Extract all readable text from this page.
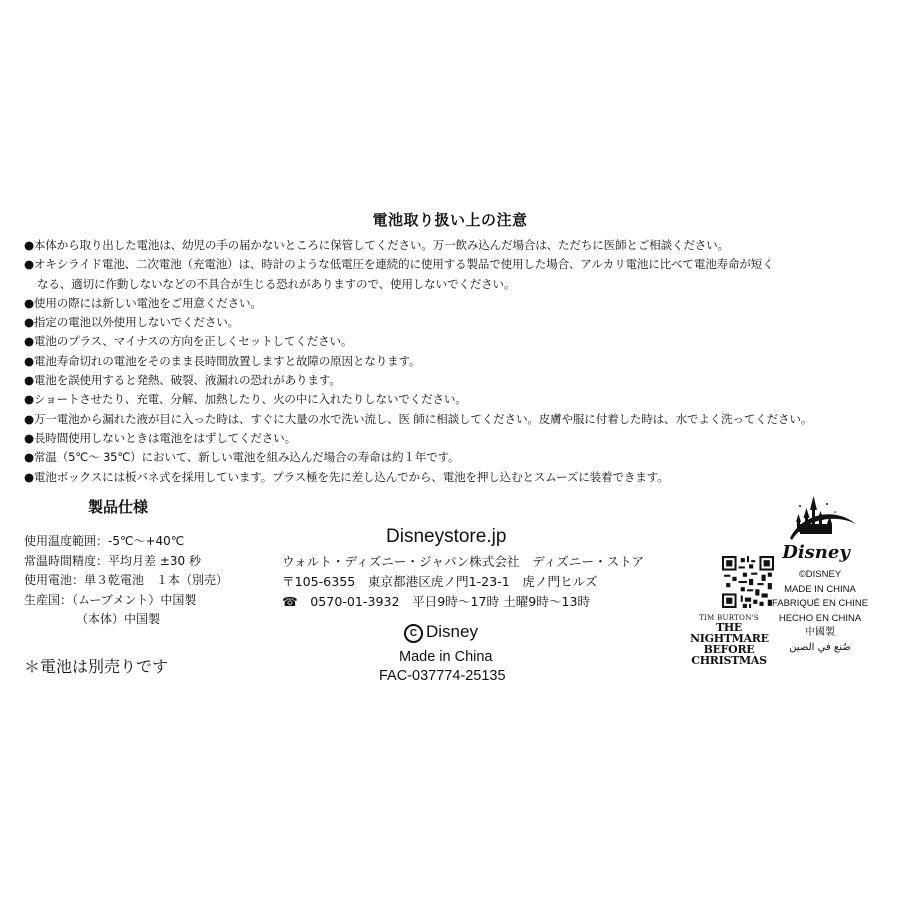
電池取り扱い上の注意
●本体から取り出した電池は、幼児の手の届かないところに保管してください。万一飲み込んだ場合は、ただちに医師とご相談ください。
●オキシライド電池、二次電池（充電池）は、時計のような低電圧を連続的に使用する製品で使用した場合、アルカリ電池に比べて電池寿命が短く
なる、適切に作動しないなどの不具合が生じる恐れがありますので、使用しないでください。
●使用の際には新しい電池をご用意ください。
●指定の電池以外使用しないでください。
●電池のプラス、マイナスの方向を正しくセットしてください。
●電池寿命切れの電池をそのまま長時間放置しますと故障の原因となります。
●電池を誤使用すると発熱、破裂、液漏れの恐れがあります。
●ショートさせたり、充電、分解、加熱したり、火の中に入れたりしないでください。
●万一電池から漏れた液が目に入った時は、すぐに大量の水で洗い流し、医 師に相談してください。皮膚や服に付着した時は、水でよく洗ってください。
●長時間使用しないときは電池をはずしてください。
●常温（5℃～ 35℃）において、新しい電池を組み込んだ場合の寿命は約１年です。
●電池ボックスには板バネ式を採用しています。プラス極を先に差し込んでから、電池を押し込むとスムーズに装着できます。
製品仕様
使用温度範囲：-5℃～+40℃
常温時間精度：平均月差 ±30 秒
使用電池：単３乾電池　１本（別売）
生産国：（ムーブメント）中国製
（本体）中国製
＊電池は別売りです
Disneystore.jp
ウォルト・ディズニー・ジャパン株式会社　ディズニー・ストア
〒105-6355　東京都港区虎ノ門1-23-1　虎ノ門ヒルズ
☎　0570-01-3932　平日9時～17時 土曜9時～13時
C Disney
Made in China
FAC-037774-25135
TIM BURTON'S
THE
NIGHTMARE
BEFORE
CHRISTMAS
Disney
©DISNEY
MADE IN CHINA
FABRIQUÉ EN CHINE
HECHO EN CHINA
中國製
صُنع في الصين
